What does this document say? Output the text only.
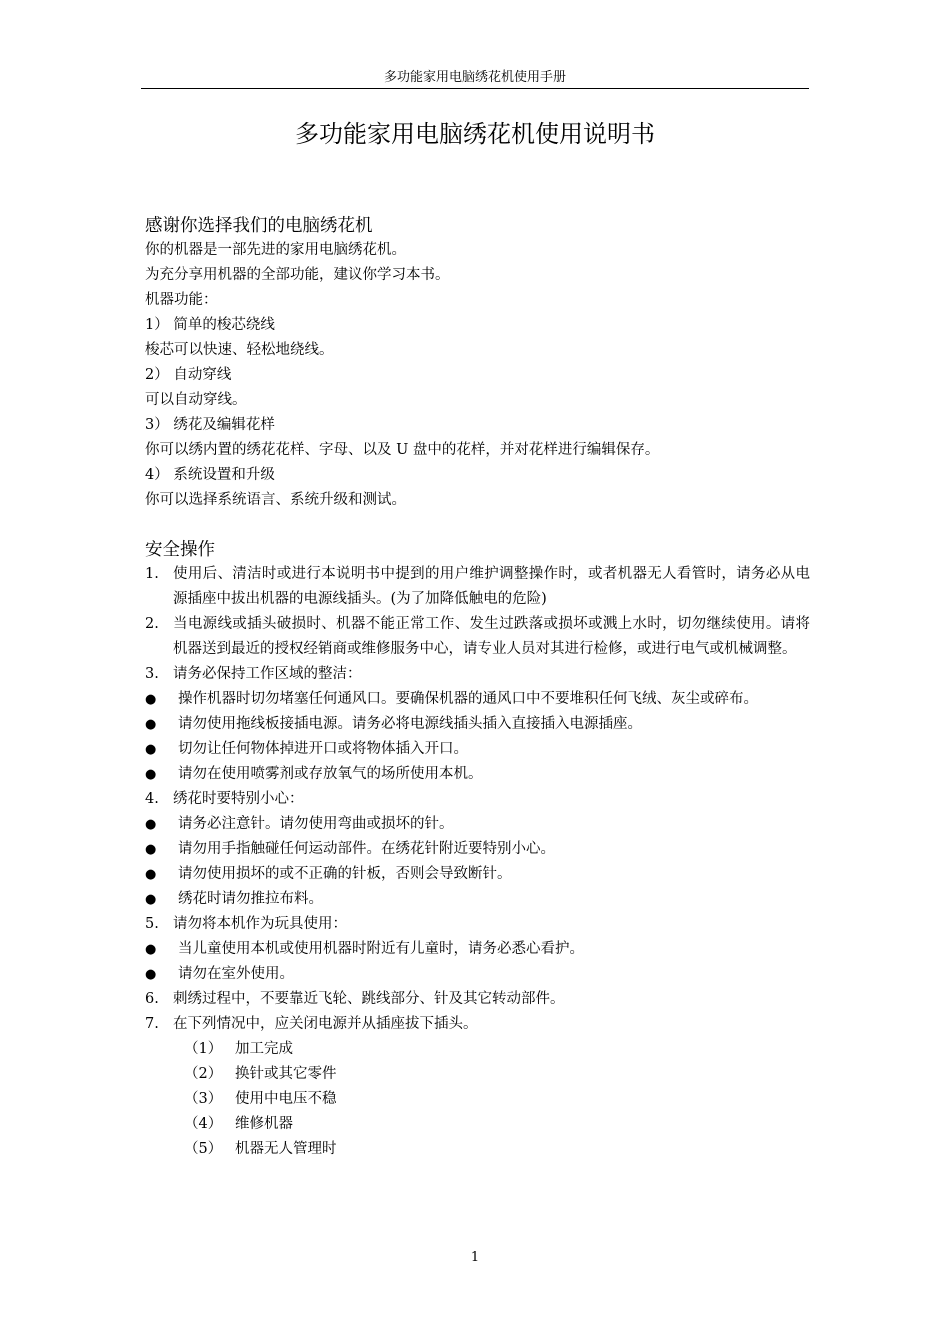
多功能家用电脑绣花机使用手册
多功能家用电脑绣花机使用说明书
感谢你选择我们的电脑绣花机
你的机器是一部先进的家用电脑绣花机。
为充分享用机器的全部功能，建议你学习本书。
机器功能：
1） 简单的梭芯绕线
梭芯可以快速、轻松地绕线。
2） 自动穿线
可以自动穿线。
3） 绣花及编辑花样
你可以绣内置的绣花花样、字母、以及 U 盘中的花样，并对花样进行编辑保存。
4） 系统设置和升级
你可以选择系统语言、系统升级和测试。
安全操作
1. 使用后、清洁时或进行本说明书中提到的用户维护调整操作时，或者机器无人看管时，请务必从电源插座中拔出机器的电源线插头。(为了加降低触电的危险)
2. 当电源线或插头破损时、机器不能正常工作、发生过跌落或损坏或溅上水时，切勿继续使用。请将机器送到最近的授权经销商或维修服务中心，请专业人员对其进行检修，或进行电气或机械调整。
3. 请务必保持工作区域的整洁：
●	操作机器时切勿堵塞任何通风口。要确保机器的通风口中不要堆积任何飞绒、灰尘或碎布。
●	请勿使用拖线板接插电源。请务必将电源线插头插入直接插入电源插座。
●	切勿让任何物体掉进开口或将物体插入开口。
●	请勿在使用喷雾剂或存放氧气的场所使用本机。
4. 绣花时要特别小心：
●	请务必注意针。请勿使用弯曲或损坏的针。
●	请勿用手指触碰任何运动部件。在绣花针附近要特别小心。
●	请勿使用损坏的或不正确的针板，否则会导致断针。
●	绣花时请勿推拉布料。
5. 请勿将本机作为玩具使用：
●	当儿童使用本机或使用机器时附近有儿童时，请务必悉心看护。
●	请勿在室外使用。
6. 刺绣过程中，不要靠近飞轮、跳线部分、针及其它转动部件。
7. 在下列情况中，应关闭电源并从插座拔下插头。
（1） 加工完成
（2） 换针或其它零件
（3） 使用中电压不稳
（4） 维修机器
（5） 机器无人管理时
1
